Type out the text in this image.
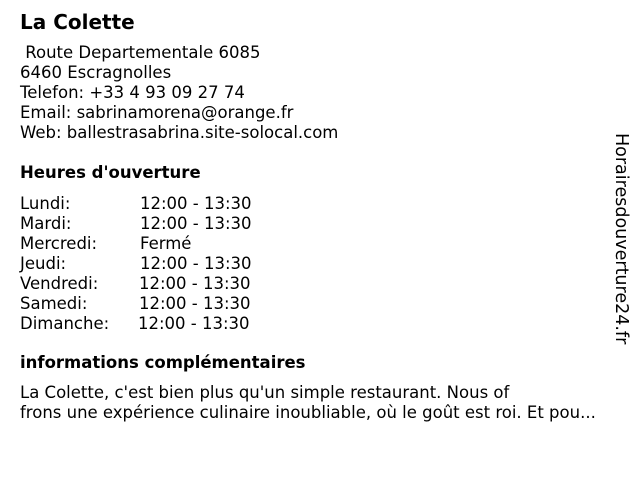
La Colette
Route Departementale 6085
6460 Escragnolles
Telefon: +33 4 93 09 27 74
Email: sabrinamorena@orange.fr
Web: ballestrasabrina.site-solocal.com
Heures d'ouverture
Lundi:	12:00 - 13:30
Mardi:	12:00 - 13:30
Mercredi:	Fermé
Jeudi:	12:00 - 13:30
Vendredi: 12:00 - 13:30
Samedi:	12:00 - 13:30
Dimanche: 12:00 - 13:30
informations complémentaires
La Colette, c'est bien plus qu'un simple restaurant. Nous of
frons une expérience culinaire inoubliable, où le goût est roi. Et pou...
Horairesdouverture24.fr
